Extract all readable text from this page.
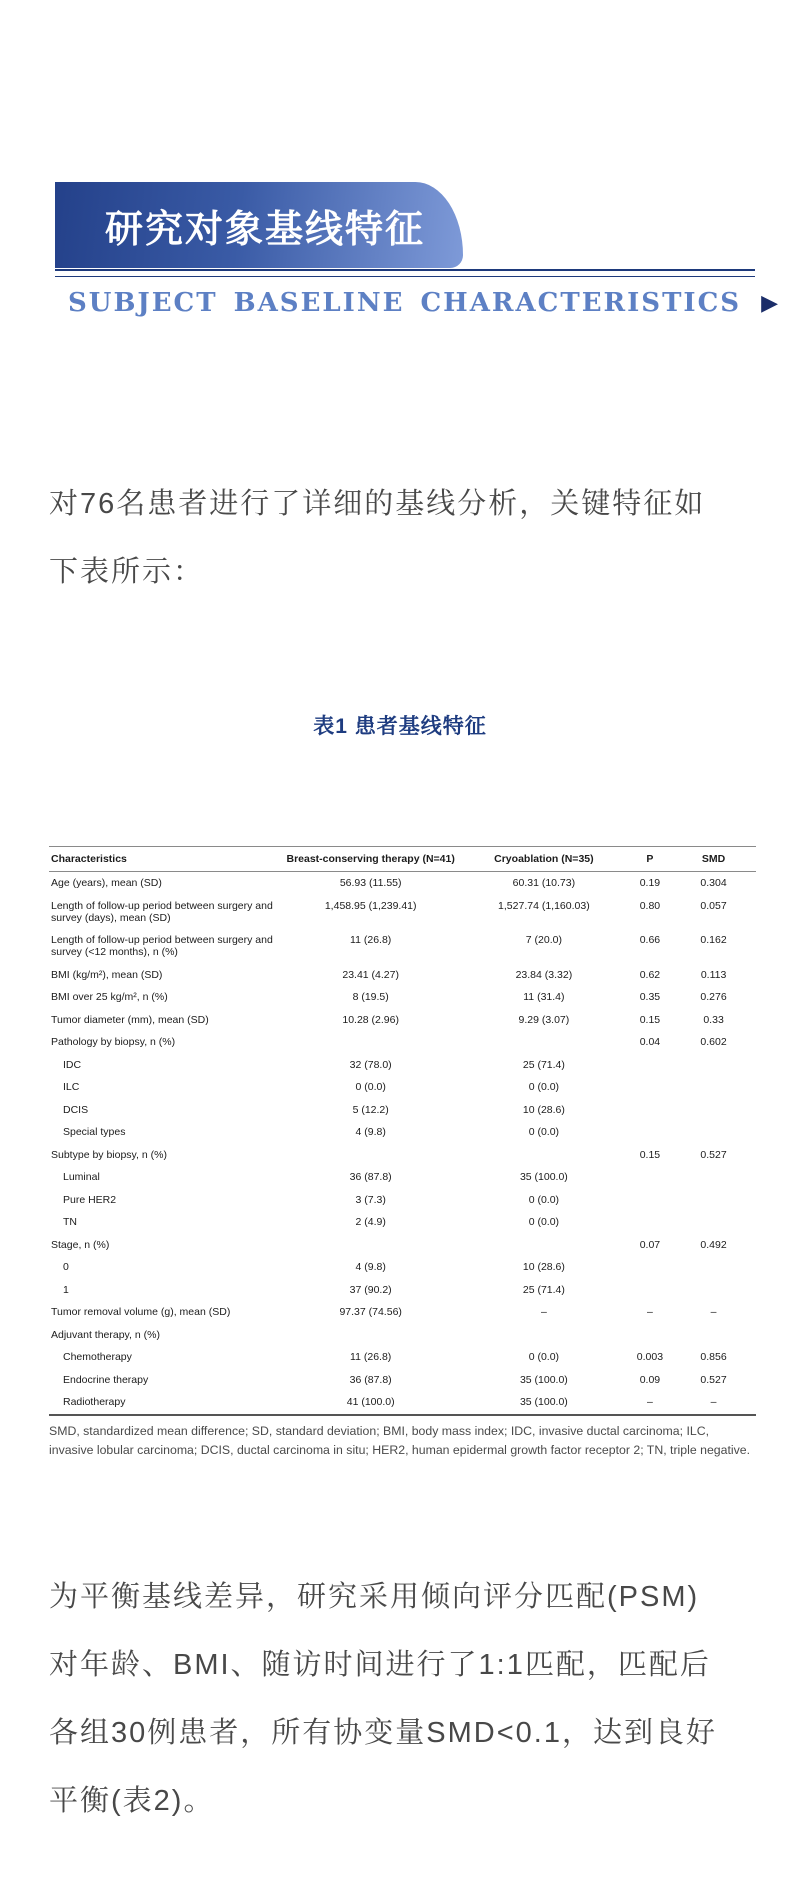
研究对象基线特征
SUBJECT BASELINE CHARACTERISTICS ▶
对76名患者进行了详细的基线分析，关键特征如
下表所示：
表1 患者基线特征
Characteristics	Breast-conserving therapy (N=41)	Cryoablation (N=35)	P	SMD
Age (years), mean (SD)	56.93 (11.55)	60.31 (10.73)	0.19	0.304
Length of follow-up period between surgery and survey (days), mean (SD)	1,458.95 (1,239.41)	1,527.74 (1,160.03)	0.80	0.057
Length of follow-up period between surgery and survey (<12 months), n (%)	11 (26.8)	7 (20.0)	0.66	0.162
BMI (kg/m²), mean (SD)	23.41 (4.27)	23.84 (3.32)	0.62	0.113
BMI over 25 kg/m², n (%)	8 (19.5)	11 (31.4)	0.35	0.276
Tumor diameter (mm), mean (SD)	10.28 (2.96)	9.29 (3.07)	0.15	0.33
Pathology by biopsy, n (%)			0.04	0.602
IDC	32 (78.0)	25 (71.4)		
ILC	0 (0.0)	0 (0.0)		
DCIS	5 (12.2)	10 (28.6)		
Special types	4 (9.8)	0 (0.0)		
Subtype by biopsy, n (%)			0.15	0.527
Luminal	36 (87.8)	35 (100.0)		
Pure HER2	3 (7.3)	0 (0.0)		
TN	2 (4.9)	0 (0.0)		
Stage, n (%)			0.07	0.492
0	4 (9.8)	10 (28.6)		
1	37 (90.2)	25 (71.4)		
Tumor removal volume (g), mean (SD)	97.37 (74.56)	–	–	–
Adjuvant therapy, n (%)				
Chemotherapy	11 (26.8)	0 (0.0)	0.003	0.856
Endocrine therapy	36 (87.8)	35 (100.0)	0.09	0.527
Radiotherapy	41 (100.0)	35 (100.0)	–	–
SMD, standardized mean difference; SD, standard deviation; BMI, body mass index; IDC, invasive ductal carcinoma; ILC, invasive lobular carcinoma; DCIS, ductal carcinoma in situ; HER2, human epidermal growth factor receptor 2; TN, triple negative.
为平衡基线差异，研究采用倾向评分匹配(PSM)
对年龄、BMI、随访时间进行了1:1匹配，匹配后
各组30例患者，所有协变量SMD<0.1，达到良好
平衡(表2)。
